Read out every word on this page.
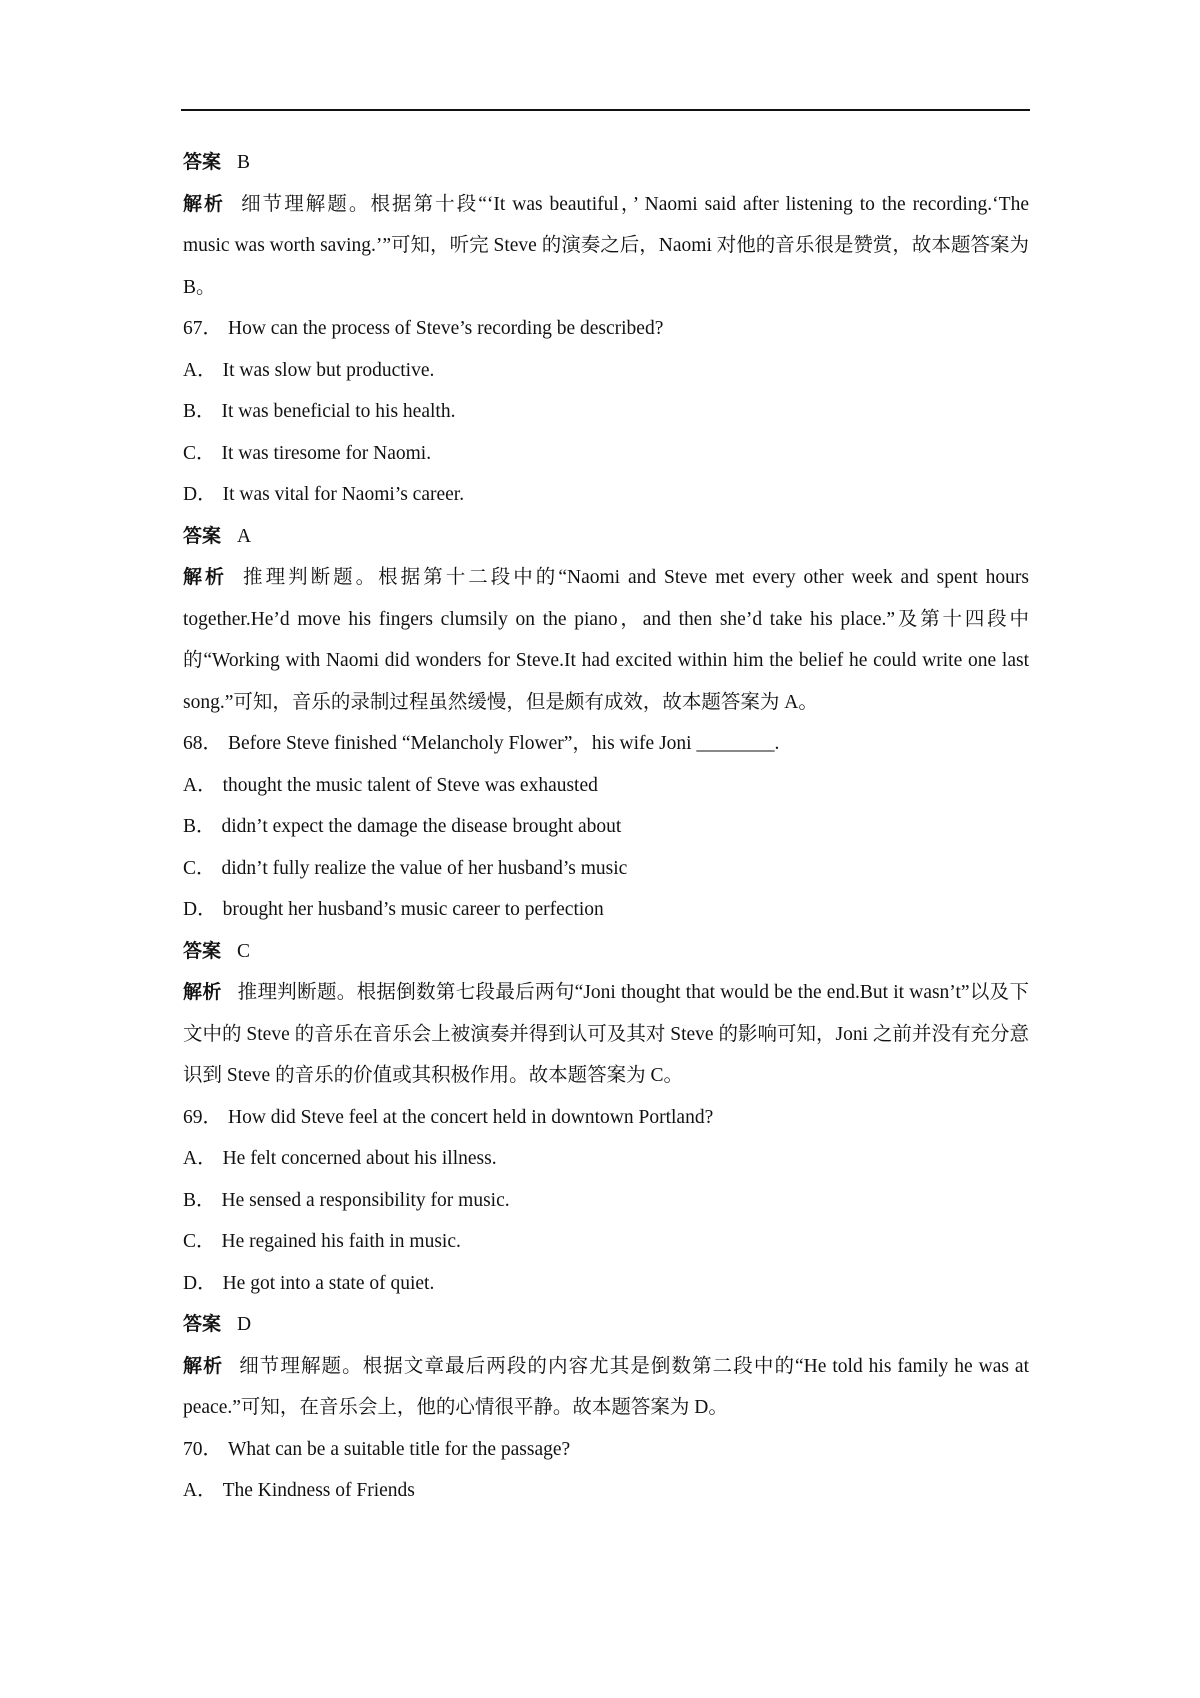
答案 B
解析 细节理解题。根据第十段“‘It was beautiful，’ Naomi said after listening to the recording.‘The music was worth saving.’”可知，听完 Steve 的演奏之后，Naomi 对他的音乐很是赞赏，故本题答案为 B。
67． How can the process of Steve’s recording be described?
A． It was slow but productive.
B． It was beneficial to his health.
C． It was tiresome for Naomi.
D． It was vital for Naomi’s career.
答案 A
解析 推理判断题。根据第十二段中的“Naomi and Steve met every other week and spent hours together.He’d move his fingers clumsily on the piano，and then she’d take his place.”及第十四段中的“Working with Naomi did wonders for Steve.It had excited within him the belief he could write one last song.”可知，音乐的录制过程虽然缓慢，但是颇有成效，故本题答案为 A。
68． Before Steve finished “Melancholy Flower”，his wife Joni ________.
A． thought the music talent of Steve was exhausted
B． didn’t expect the damage the disease brought about
C． didn’t fully realize the value of her husband’s music
D． brought her husband’s music career to perfection
答案 C
解析 推理判断题。根据倒数第七段最后两句“Joni thought that would be the end.But it wasn’t”以及下文中的 Steve 的音乐在音乐会上被演奏并得到认可及其对 Steve 的影响可知，Joni 之前并没有充分意识到 Steve 的音乐的价值或其积极作用。故本题答案为 C。
69． How did Steve feel at the concert held in downtown Portland?
A． He felt concerned about his illness.
B． He sensed a responsibility for music.
C． He regained his faith in music.
D． He got into a state of quiet.
答案 D
解析 细节理解题。根据文章最后两段的内容尤其是倒数第二段中的“He told his family he was at peace.”可知，在音乐会上，他的心情很平静。故本题答案为 D。
70． What can be a suitable title for the passage?
A． The Kindness of Friends
